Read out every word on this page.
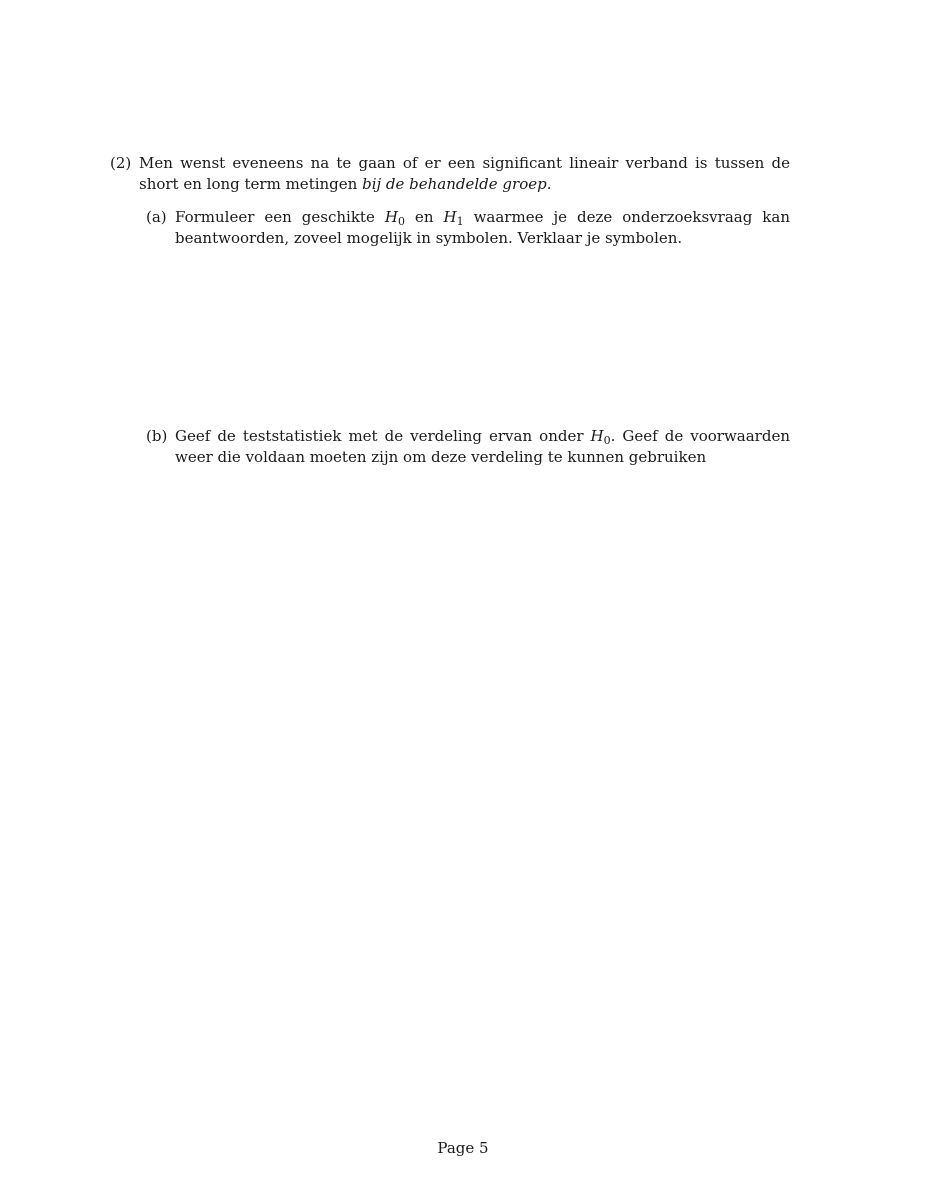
(2) Men wenst eveneens na te gaan of er een significant lineair verband is tussen de short en long term metingen bij de behandelde groep.
(a) Formuleer een geschikte $H_0$ en $H_1$ waarmee je deze onderzoeksvraag kan beantwoorden, zoveel mogelijk in symbolen. Verklaar je symbolen.
(b) Geef de teststatistiek met de verdeling ervan onder $H_0$. Geef de voorwaarden weer die voldaan moeten zijn om deze verdeling te kunnen gebruiken
Page 5
